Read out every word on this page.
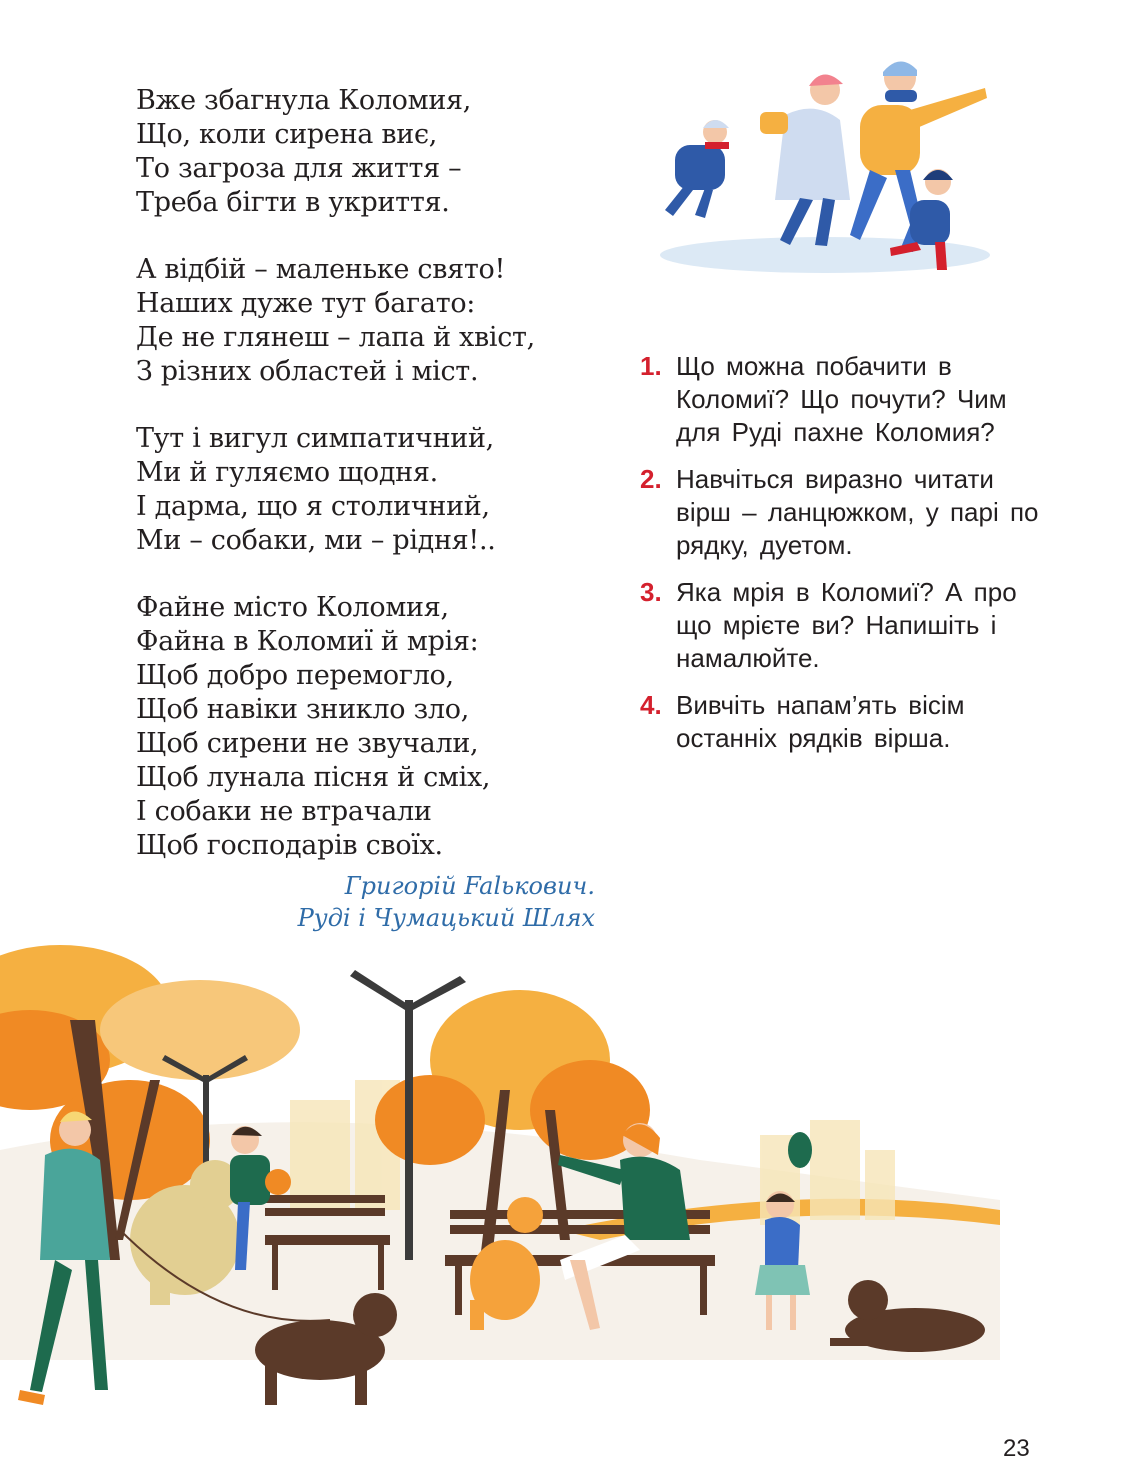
Вже збагнула Коломия,
Що, коли сирена виє,
То загроза для життя –
Треба бігти в укриття.
А відбій – маленьке свято!
Наших дуже тут багато:
Де не глянеш – лапа й хвіст,
З різних областей і міст.
Тут і вигул симпатичний,
Ми й гуляємо щодня.
І дарма, що я столичний,
Ми – собаки, ми – рідня!..
Файне місто Коломия,
Файна в Коломиї й мрія:
Щоб добро перемогло,
Щоб навіки зникло зло,
Щоб сирени не звучали,
Щоб лунала пісня й сміх,
І собаки не втрачали
Щоб господарів своїх.
Григорій Falькович.
Руді і Чумацький Шлях
1. Що можна побачити в Коломиї? Що почути? Чим для Руді пахне Коломия?
2. Навчіться виразно читати вірш – ланцюжком, у парі по рядку, дуетом.
3. Яка мрія в Коломиї? А про що мрієте ви? Напишіть і намалюйте.
4. Вивчіть напам’ять вісім останніх рядків вірша.
23
